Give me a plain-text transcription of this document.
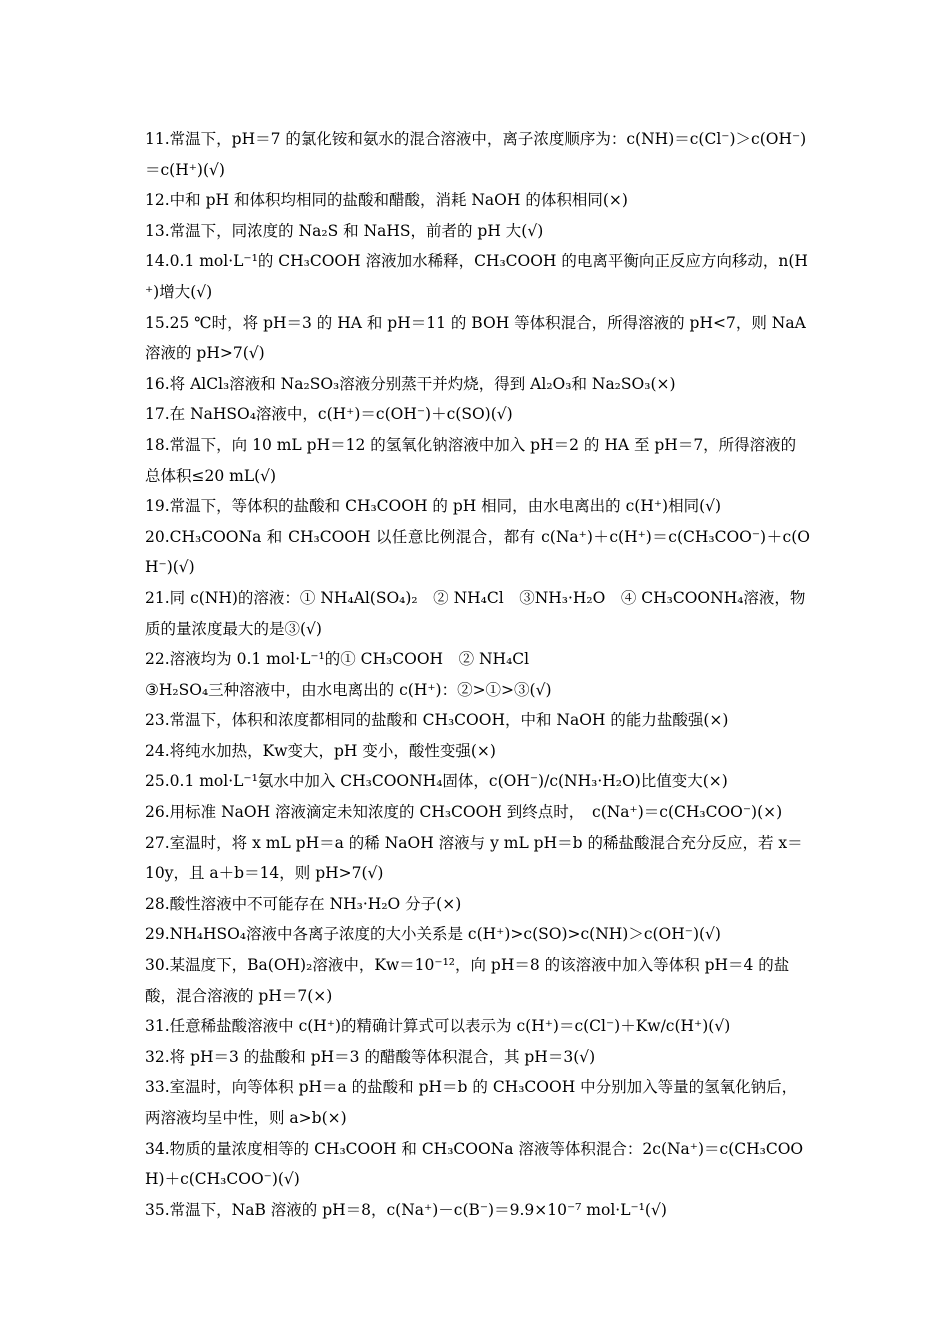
11.常温下，pH＝7 的氯化铵和氨水的混合溶液中，离子浓度顺序为：c(NH)＝c(Cl⁻)＞c(OH⁻)＝c(H⁺)(√)

12.中和 pH 和体积均相同的盐酸和醋酸，消耗 NaOH 的体积相同(×)

13.常温下，同浓度的 Na₂S 和 NaHS，前者的 pH 大(√)

14.0.1 mol·L⁻¹的 CH₃COOH 溶液加水稀释，CH₃COOH 的电离平衡向正反应方向移动，n(H⁺)增大(√)

15.25 ℃时，将 pH＝3 的 HA 和 pH＝11 的 BOH 等体积混合，所得溶液的 pH<7，则 NaA 溶液的 pH>7(√)

16.将 AlCl₃溶液和 Na₂SO₃溶液分别蒸干并灼烧，得到 Al₂O₃和 Na₂SO₃(×)

17.在 NaHSO₄溶液中，c(H⁺)＝c(OH⁻)＋c(SO)(√)

18.常温下，向 10 mL pH＝12 的氢氧化钠溶液中加入 pH＝2 的 HA 至 pH＝7，所得溶液的总体积≤20 mL(√)

19.常温下，等体积的盐酸和 CH₃COOH 的 pH 相同，由水电离出的 c(H⁺)相同(√)

20.CH₃COONa 和 CH₃COOH 以任意比例混合，都有 c(Na⁺)＋c(H⁺)＝c(CH₃COO⁻)＋c(OH⁻)(√)

21.同 c(NH)的溶液：① NH₄Al(SO₄)₂　② NH₄Cl　③NH₃·H₂O　④ CH₃COONH₄溶液，物质的量浓度最大的是③(√)

22.溶液均为 0.1 mol·L⁻¹的① CH₃COOH　② NH₄Cl

③H₂SO₄三种溶液中，由水电离出的 c(H⁺)：②>①>③(√)

23.常温下，体积和浓度都相同的盐酸和 CH₃COOH，中和 NaOH 的能力盐酸强(×)

24.将纯水加热，Kw变大，pH 变小，酸性变强(×)

25.0.1 mol·L⁻¹氨水中加入 CH₃COONH₄固体，c(OH⁻)/c(NH₃·H₂O)比值变大(×)

26.用标准 NaOH 溶液滴定未知浓度的 CH₃COOH 到终点时，　c(Na⁺)＝c(CH₃COO⁻)(×)

27.室温时，将 x mL pH＝a 的稀 NaOH 溶液与 y mL pH＝b 的稀盐酸混合充分反应，若 x＝10y，且 a＋b＝14，则 pH>7(√)

28.酸性溶液中不可能存在 NH₃·H₂O 分子(×)

29.NH₄HSO₄溶液中各离子浓度的大小关系是 c(H⁺)>c(SO)>c(NH)＞c(OH⁻)(√)

30.某温度下，Ba(OH)₂溶液中，Kw＝10⁻¹²，向 pH＝8 的该溶液中加入等体积 pH＝4 的盐酸，混合溶液的 pH＝7(×)

31.任意稀盐酸溶液中 c(H⁺)的精确计算式可以表示为 c(H⁺)＝c(Cl⁻)＋Kw/c(H⁺)(√)

32.将 pH＝3 的盐酸和 pH＝3 的醋酸等体积混合，其 pH＝3(√)

33.室温时，向等体积 pH＝a 的盐酸和 pH＝b 的 CH₃COOH 中分别加入等量的氢氧化钠后，两溶液均呈中性，则 a>b(×)

34.物质的量浓度相等的 CH₃COOH 和 CH₃COONa 溶液等体积混合：2c(Na⁺)＝c(CH₃COOH)＋c(CH₃COO⁻)(√)

35.常温下，NaB 溶液的 pH＝8，c(Na⁺)－c(B⁻)＝9.9×10⁻⁷ mol·L⁻¹(√)
